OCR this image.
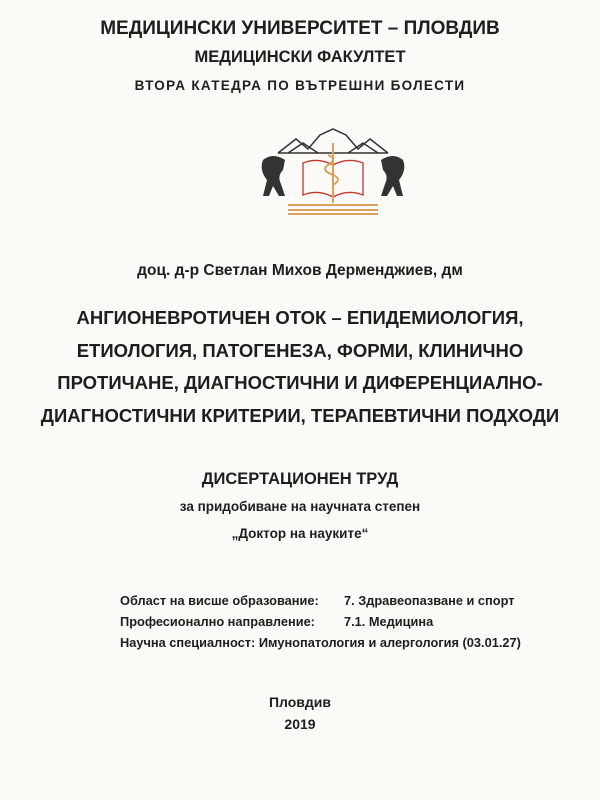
МЕДИЦИНСКИ УНИВЕРСИТЕТ – ПЛОВДИВ
МЕДИЦИНСКИ ФАКУЛТЕТ
ВТОРА КАТЕДРА ПО ВЪТРЕШНИ БОЛЕСТИ
доц. д-р Светлан Михов Дерменджиев, дм
АНГИОНЕВРОТИЧЕН ОТОК – ЕПИДЕМИОЛОГИЯ,
ЕТИОЛОГИЯ, ПАТОГЕНЕЗА, ФОРМИ, КЛИНИЧНО
ПРОТИЧАНЕ, ДИАГНОСТИЧНИ И ДИФЕРЕНЦИАЛНО-
ДИАГНОСТИЧНИ КРИТЕРИИ, ТЕРАПЕВТИЧНИ ПОДХОДИ
ДИСЕРТАЦИОНЕН ТРУД
за придобиване на научната степен
„Доктор на науките“
Област на висше образование: 7. Здравеопазване и спорт
Професионално направление: 7.1. Медицина
Научна специалност: Имунопатология и алергология (03.01.27)
Пловдив
2019
